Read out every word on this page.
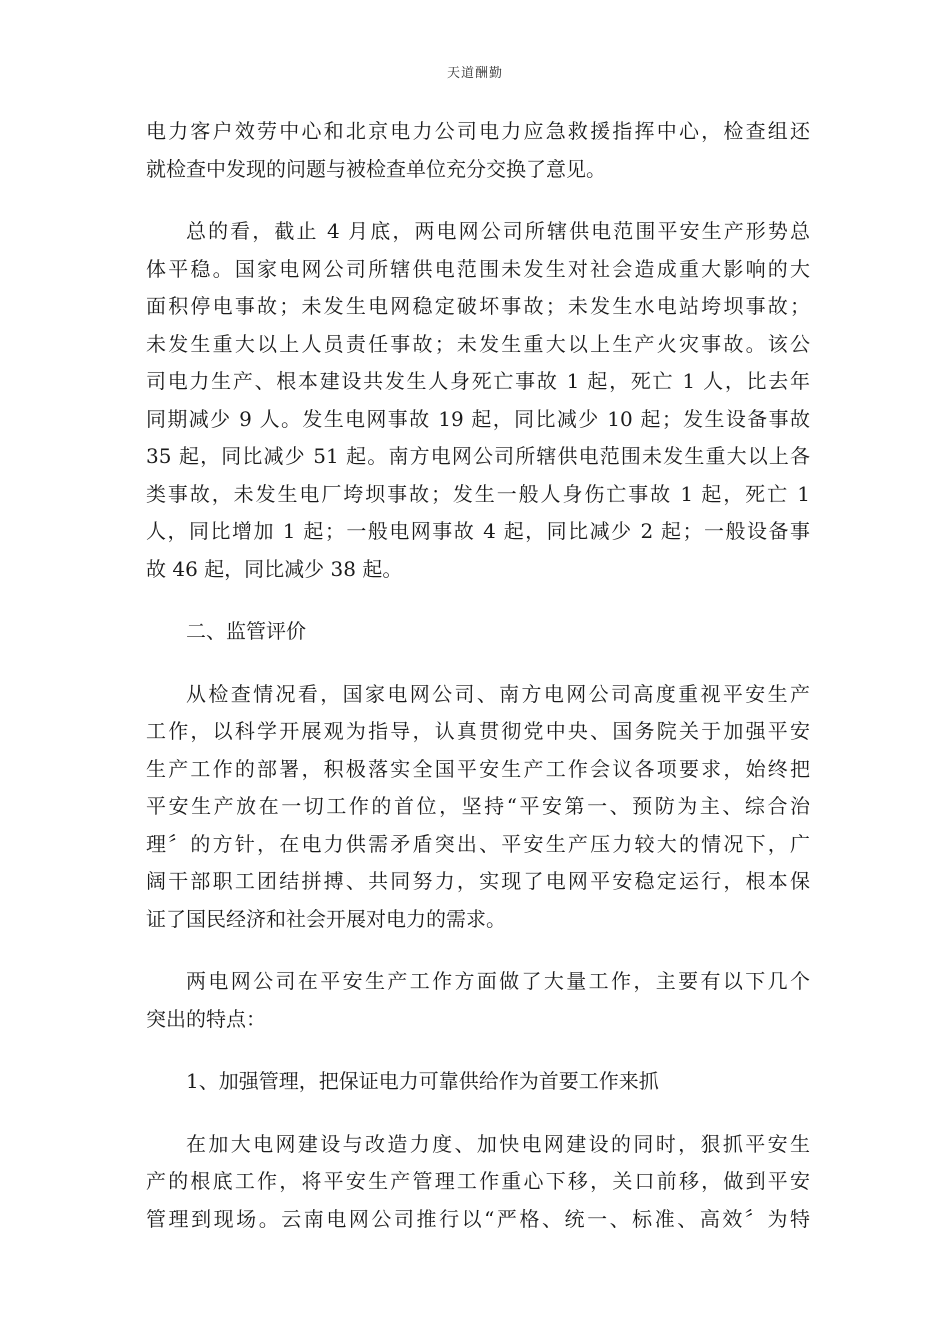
天道酬勤

电力客户效劳中心和北京电力公司电力应急救援指挥中心，检查组还
就检查中发现的问题与被检查单位充分交换了意见。

总的看，截止 4 月底，两电网公司所辖供电范围平安生产形势总
体平稳。国家电网公司所辖供电范围未发生对社会造成重大影响的大
面积停电事故；未发生电网稳定破坏事故；未发生水电站垮坝事故；
未发生重大以上人员责任事故；未发生重大以上生产火灾事故。该公
司电力生产、根本建设共发生人身死亡事故 1 起，死亡 1 人，比去年
同期减少 9 人。发生电网事故 19 起，同比减少 10 起；发生设备事故
35 起，同比减少 51 起。南方电网公司所辖供电范围未发生重大以上各
类事故，未发生电厂垮坝事故；发生一般人身伤亡事故 1 起，死亡 1
人，同比增加 1 起；一般电网事故 4 起，同比减少 2 起；一般设备事
故 46 起，同比减少 38 起。

二、监管评价

从检查情况看，国家电网公司、南方电网公司高度重视平安生产
工作，以科学开展观为指导，认真贯彻党中央、国务院关于加强平安
生产工作的部署，积极落实全国平安生产工作会议各项要求，始终把
平安生产放在一切工作的首位，坚持“平安第一、预防为主、综合治
理〞的方针，在电力供需矛盾突出、平安生产压力较大的情况下，广
阔干部职工团结拼搏、共同努力，实现了电网平安稳定运行，根本保
证了国民经济和社会开展对电力的需求。

两电网公司在平安生产工作方面做了大量工作，主要有以下几个
突出的特点：

1、加强管理，把保证电力可靠供给作为首要工作来抓

在加大电网建设与改造力度、加快电网建设的同时，狠抓平安生
产的根底工作，将平安生产管理工作重心下移，关口前移，做到平安
管理到现场。云南电网公司推行以“严格、统一、标准、高效〞为特
